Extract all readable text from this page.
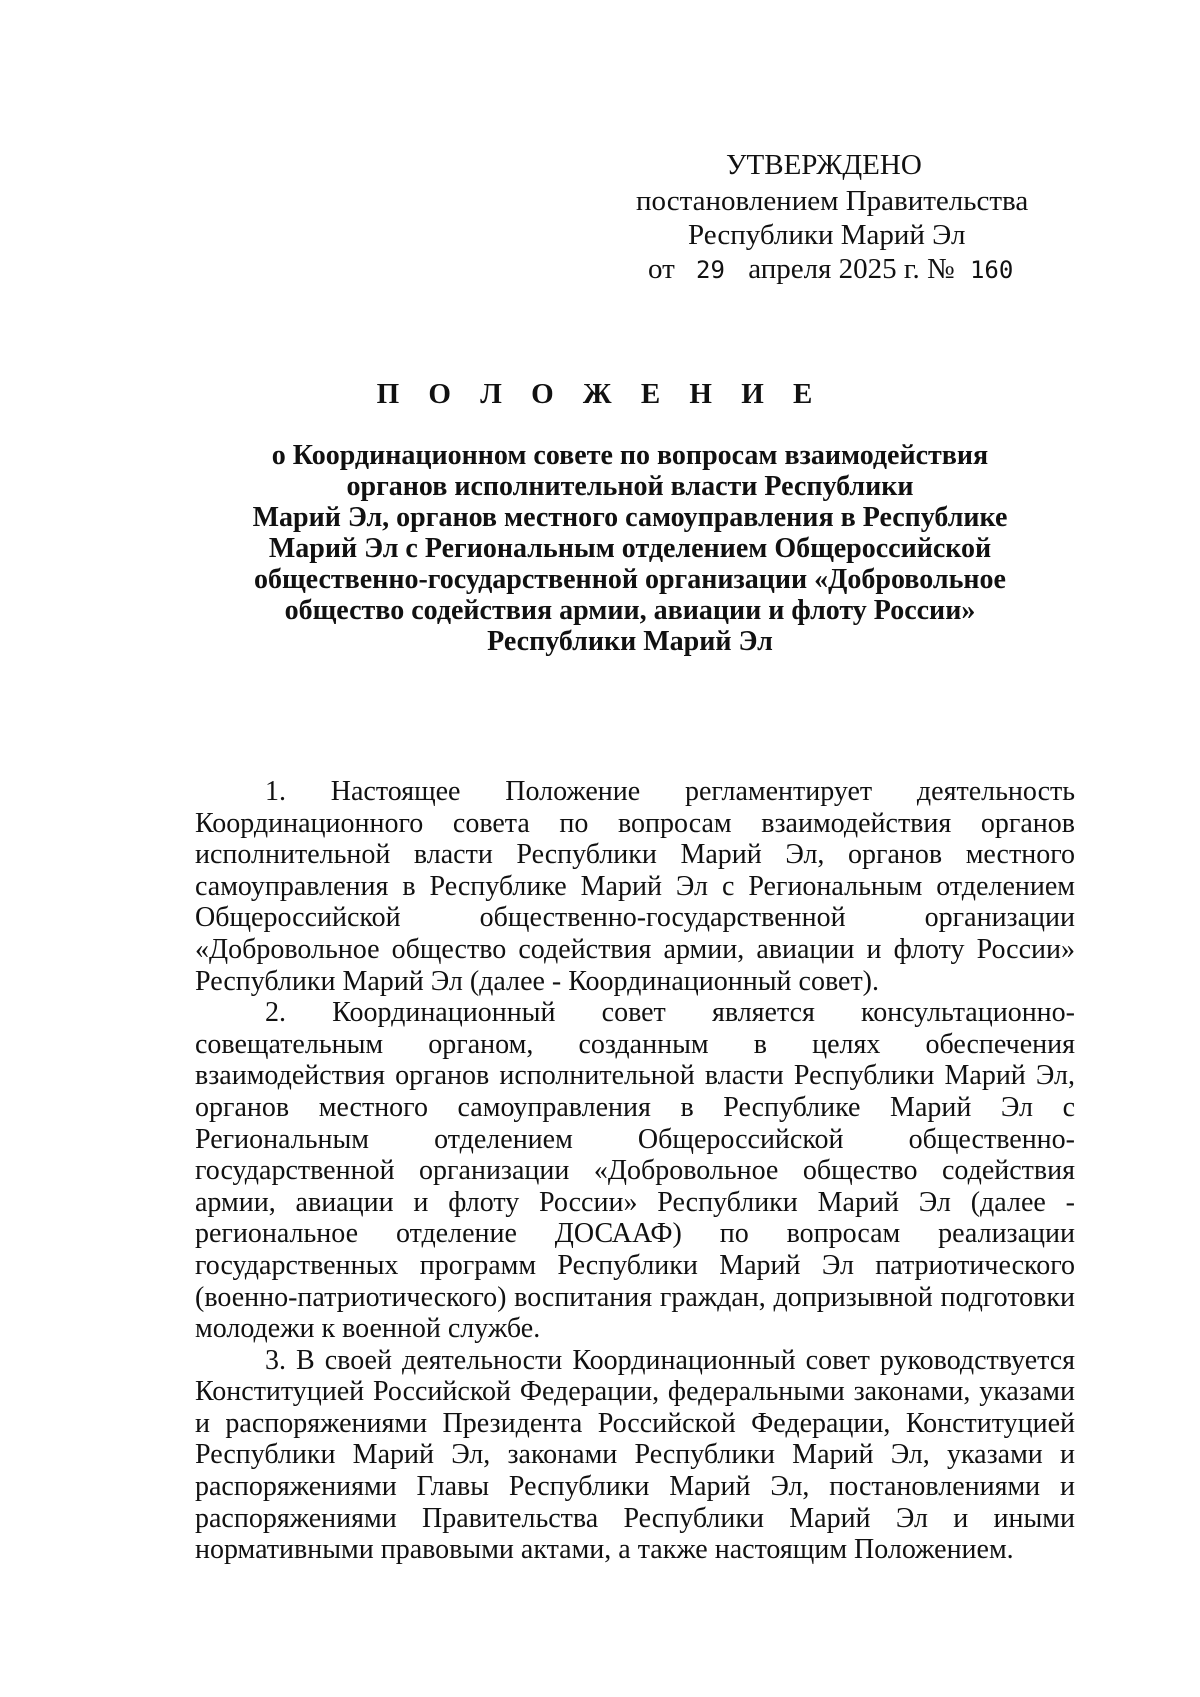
УТВЕРЖДЕНО
постановлением Правительства
Республики Марий Эл
от 29 апреля 2025 г. № 160
П О Л О Ж Е Н И Е
о Координационном совете по вопросам взаимодействия
органов исполнительной власти Республики
Марий Эл, органов местного самоуправления в Республике
Марий Эл с Региональным отделением Общероссийской
общественно-государственной организации «Добровольное
общество содействия армии, авиации и флоту России»
Республики Марий Эл

1. Настоящее Положение регламентирует деятельность Координационного совета по вопросам взаимодействия органов исполнительной власти Республики Марий Эл, органов местного самоуправления в Республике Марий Эл с Региональным отделением Общероссийской общественно-государственной организации «Добровольное общество содействия армии, авиации и флоту России» Республики Марий Эл (далее - Координационный совет).

2. Координационный совет является консультационно-совещательным органом, созданным в целях обеспечения взаимодействия органов исполнительной власти Республики Марий Эл, органов местного самоуправления в Республике Марий Эл с Региональным отделением Общероссийской общественно-государственной организации «Добровольное общество содействия армии, авиации и флоту России» Республики Марий Эл (далее - региональное отделение ДОСААФ) по вопросам реализации государственных программ Республики Марий Эл патриотического (военно-патриотического) воспитания граждан, допризывной подготовки молодежи к военной службе.

3. В своей деятельности Координационный совет руководствуется Конституцией Российской Федерации, федеральными законами, указами и распоряжениями Президента Российской Федерации, Конституцией Республики Марий Эл, законами Республики Марий Эл, указами и распоряжениями Главы Республики Марий Эл, постановлениями и распоряжениями Правительства Республики Марий Эл и иными нормативными правовыми актами, а также настоящим Положением.
